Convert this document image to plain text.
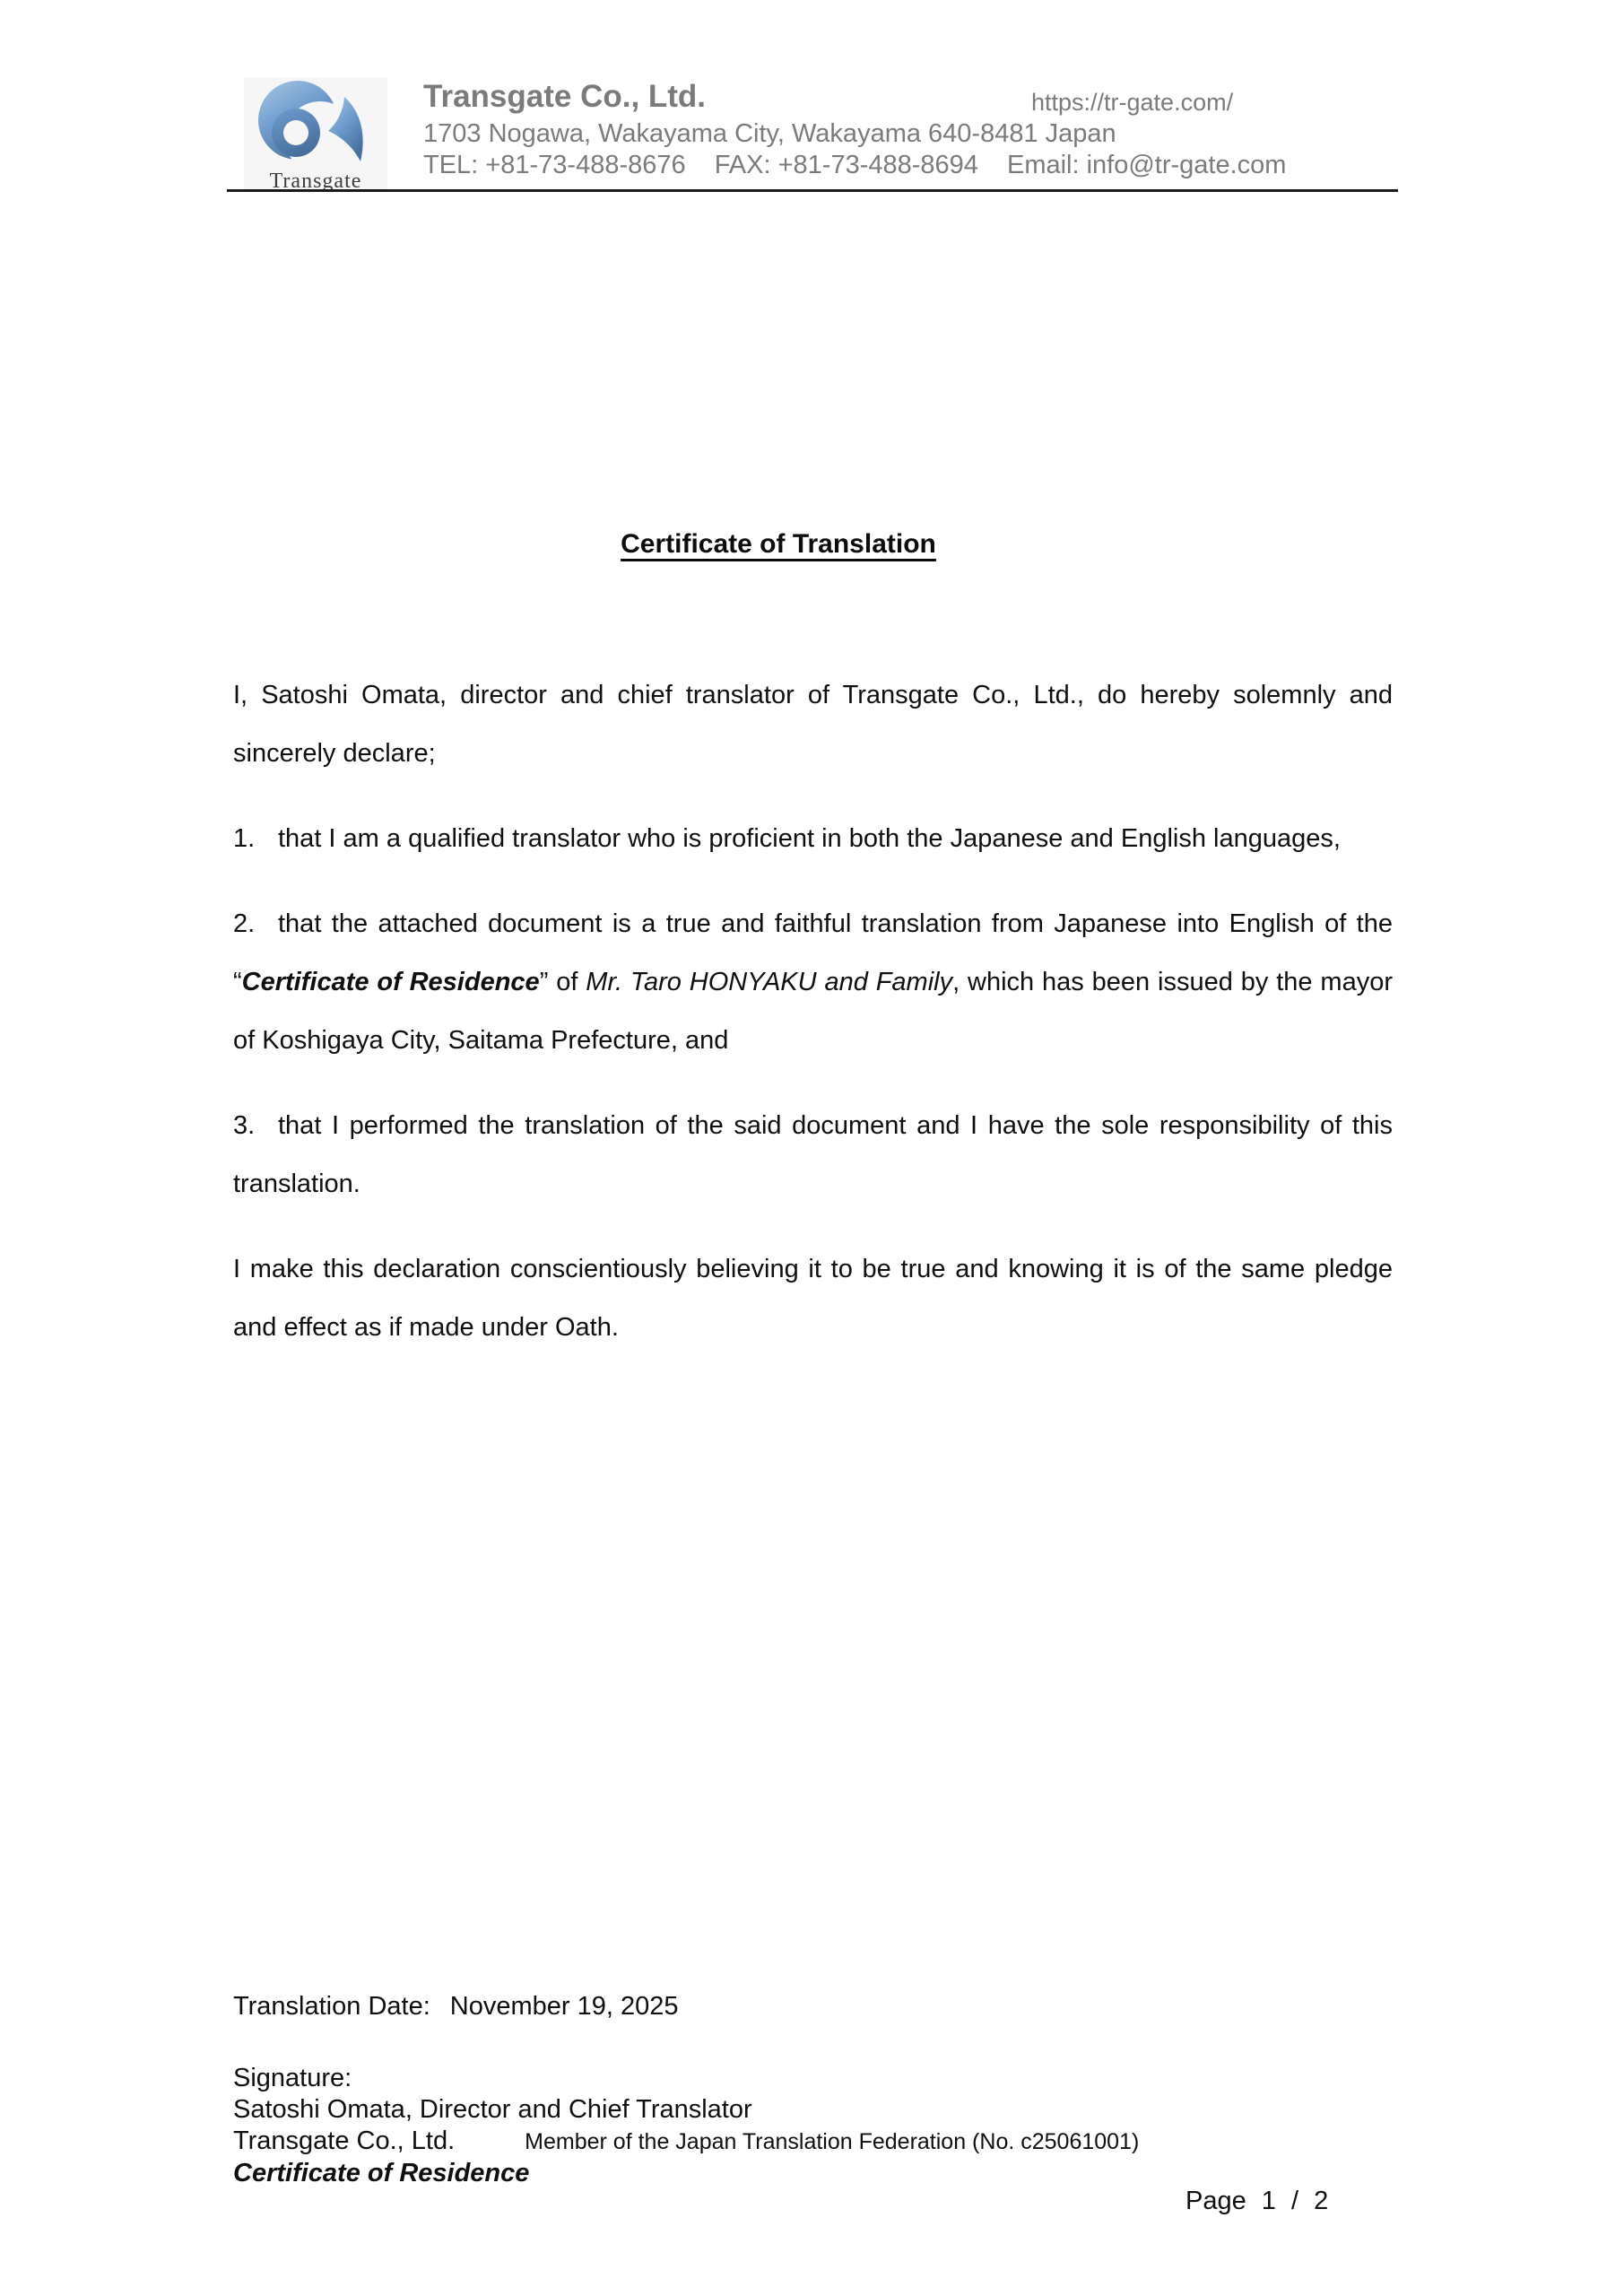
Transgate
Transgate Co., Ltd.	https://tr-gate.com/
1703 Nogawa, Wakayama City, Wakayama 640-8481 Japan
TEL: +81-73-488-8676 FAX: +81-73-488-8694 Email: info@tr-gate.com
Certificate of Translation

I, Satoshi Omata, director and chief translator of Transgate Co., Ltd., do hereby solemnly and sincerely declare;

1. that I am a qualified translator who is proficient in both the Japanese and English languages,

2. that the attached document is a true and faithful translation from Japanese into English of the “Certificate of Residence” of Mr. Taro HONYAKU and Family, which has been issued by the mayor of Koshigaya City, Saitama Prefecture, and

3. that I performed the translation of the said document and I have the sole responsibility of this translation.

I make this declaration conscientiously believing it to be true and knowing it is of the same pledge and effect as if made under Oath.

Translation Date: November 19, 2025
Signature:
Satoshi Omata, Director and Chief Translator
Transgate Co., Ltd.	Member of the Japan Translation Federation (No. c25061001)
Certificate of Residence
Page 1 / 2
